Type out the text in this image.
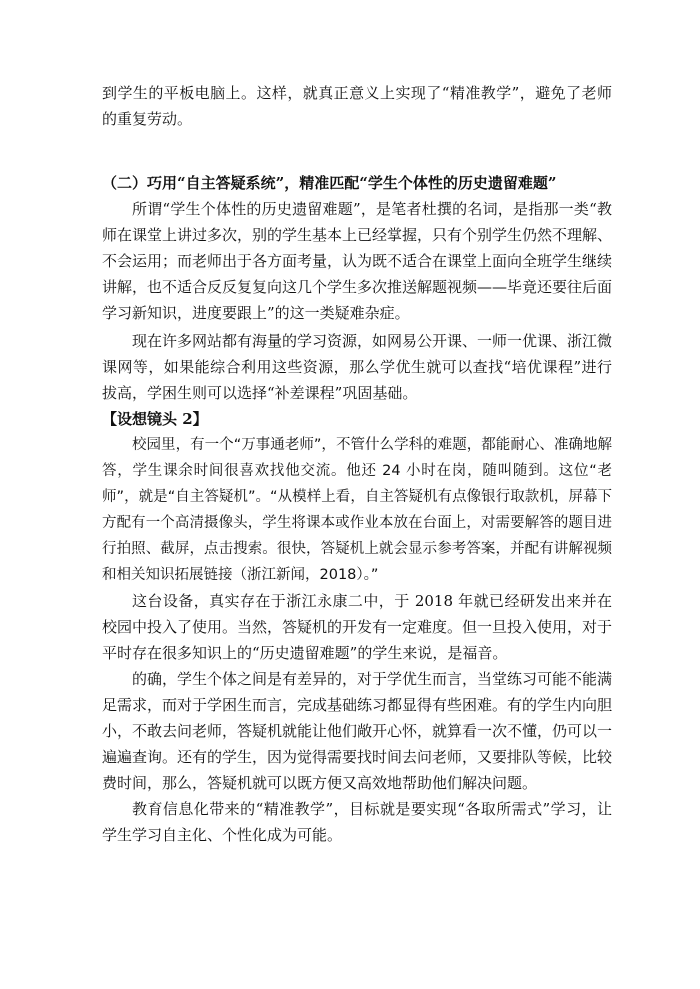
到学生的平板电脑上。这样，就真正意义上实现了“精准教学”，避免了老师的重复劳动。

（二）巧用“自主答疑系统”，精准匹配“学生个体性的历史遗留难题”

所谓“学生个体性的历史遗留难题”，是笔者杜撰的名词，是指那一类“教师在课堂上讲过多次，别的学生基本上已经掌握，只有个别学生仍然不理解、不会运用；而老师出于各方面考量，认为既不适合在课堂上面向全班学生继续讲解，也不适合反反复复向这几个学生多次推送解题视频——毕竟还要往后面学习新知识，进度要跟上”的这一类疑难杂症。

现在许多网站都有海量的学习资源，如网易公开课、一师一优课、浙江微课网等，如果能综合利用这些资源，那么学优生就可以查找“培优课程”进行拔高，学困生则可以选择“补差课程”巩固基础。

【设想镜头 2】

校园里，有一个“万事通老师”，不管什么学科的难题，都能耐心、准确地解答，学生课余时间很喜欢找他交流。他还 24 小时在岗，随叫随到。这位“老师”，就是“自主答疑机”。“从模样上看，自主答疑机有点像银行取款机，屏幕下方配有一个高清摄像头，学生将课本或作业本放在台面上，对需要解答的题目进行拍照、截屏，点击搜索。很快，答疑机上就会显示参考答案，并配有讲解视频和相关知识拓展链接（浙江新闻，2018）。”

这台设备，真实存在于浙江永康二中，于 2018 年就已经研发出来并在校园中投入了使用。当然，答疑机的开发有一定难度。但一旦投入使用，对于平时存在很多知识上的“历史遗留难题”的学生来说，是福音。

的确，学生个体之间是有差异的，对于学优生而言，当堂练习可能不能满足需求，而对于学困生而言，完成基础练习都显得有些困难。有的学生内向胆小，不敢去问老师，答疑机就能让他们敞开心怀，就算看一次不懂，仍可以一遍遍查询。还有的学生，因为觉得需要找时间去问老师，又要排队等候，比较费时间，那么，答疑机就可以既方便又高效地帮助他们解决问题。

教育信息化带来的“精准教学”，目标就是要实现“各取所需式”学习，让学生学习自主化、个性化成为可能。
